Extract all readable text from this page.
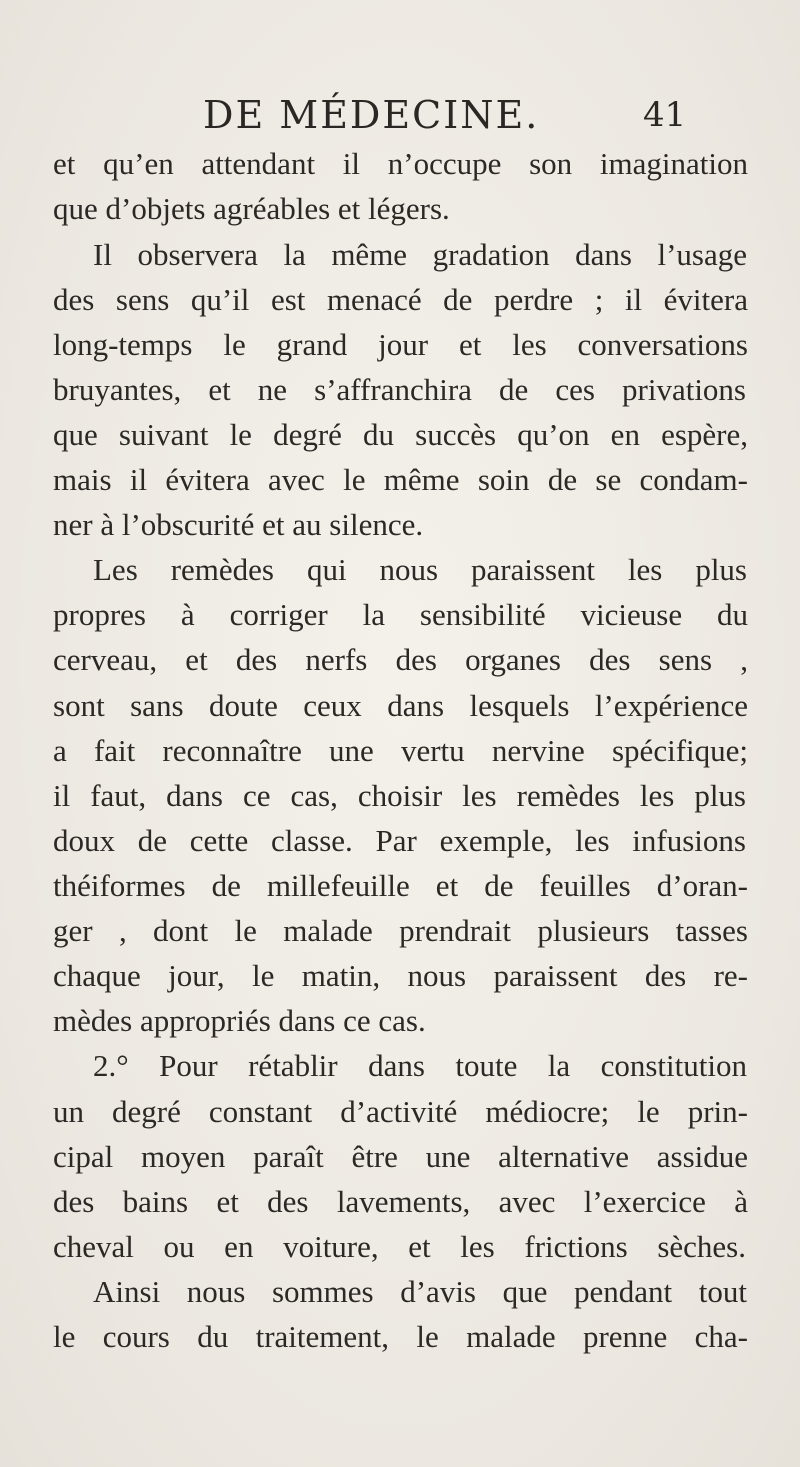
DE MÉDECINE.	41
et qu’en attendant il n’occupe son imagination
que d’objets agréables et légers.
Il observera la même gradation dans l’usage
des sens qu’il est menacé de perdre ; il évitera
long-temps le grand jour et les conversations
bruyantes, et ne s’affranchira de ces privations
que suivant le degré du succès qu’on en espère,
mais il évitera avec le même soin de se condam-
ner à l’obscurité et au silence.
Les remèdes qui nous paraissent les plus
propres à corriger la sensibilité vicieuse du
cerveau, et des nerfs des organes des sens ,
sont sans doute ceux dans lesquels l’expérience
a fait reconnaître une vertu nervine spécifique;
il faut, dans ce cas, choisir les remèdes les plus
doux de cette classe. Par exemple, les infusions
théiformes de millefeuille et de feuilles d’oran-
ger , dont le malade prendrait plusieurs tasses
chaque jour, le matin, nous paraissent des re-
mèdes appropriés dans ce cas.
2.° Pour rétablir dans toute la constitution
un degré constant d’activité médiocre; le prin-
cipal moyen paraît être une alternative assidue
des bains et des lavements, avec l’exercice à
cheval ou en voiture, et les frictions sèches.
Ainsi nous sommes d’avis que pendant tout
le cours du traitement, le malade prenne cha-
